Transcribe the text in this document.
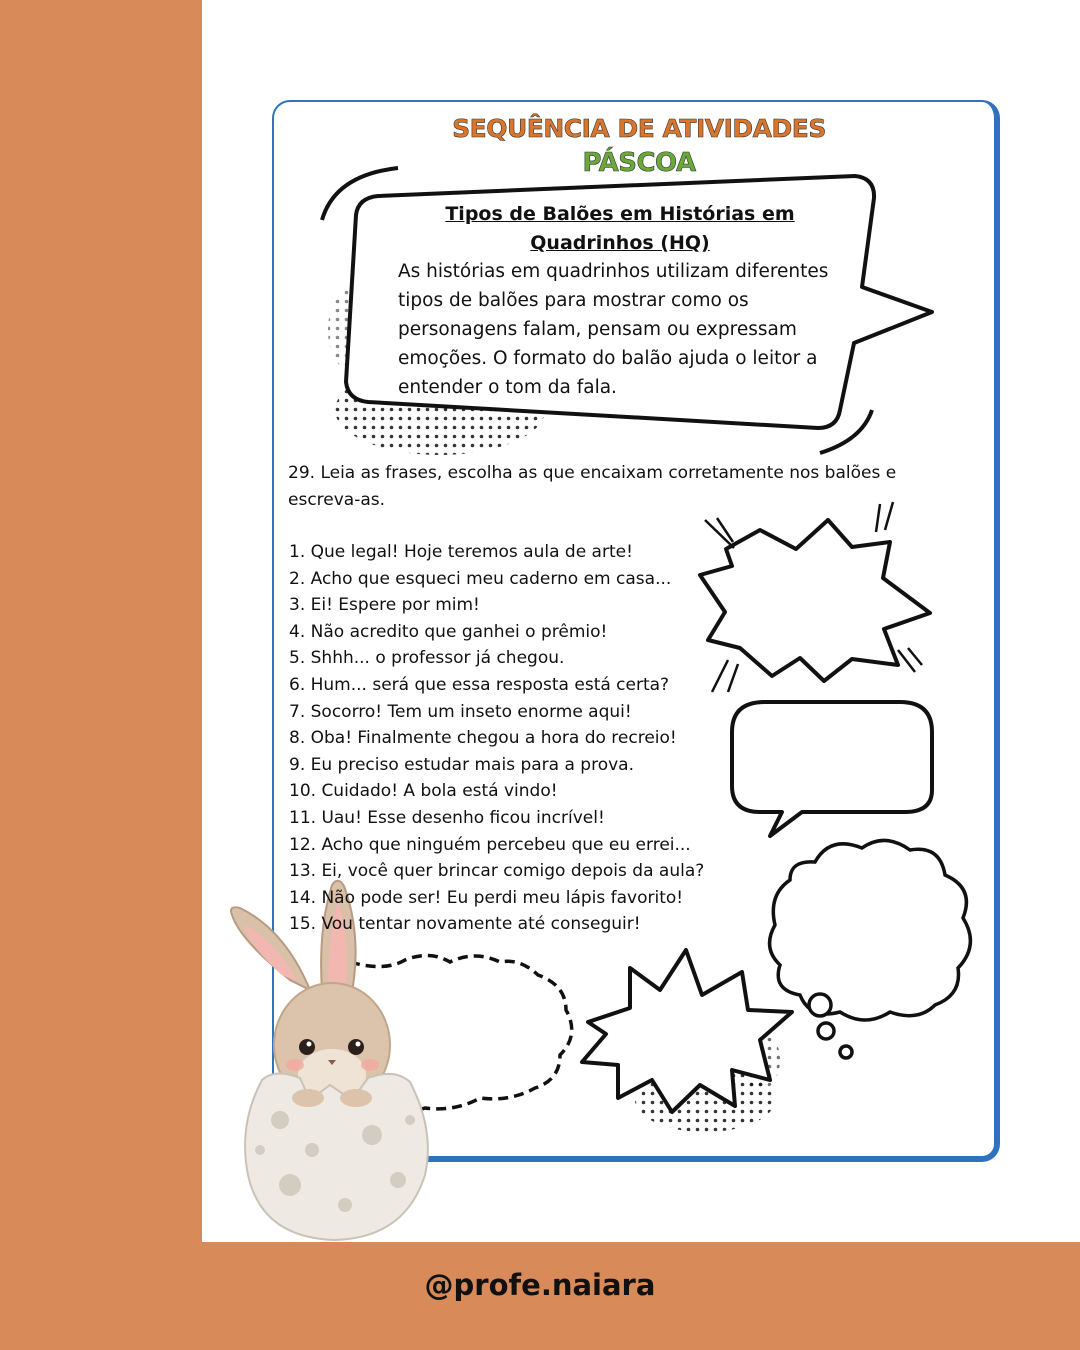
SEQUÊNCIA DE ATIVIDADES
PÁSCOA
Tipos de Balões em Histórias em Quadrinhos (HQ)
As histórias em quadrinhos utilizam diferentes tipos de balões para mostrar como os personagens falam, pensam ou expressam emoções. O formato do balão ajuda o leitor a entender o tom da fala.
29. Leia as frases, escolha as que encaixam corretamente nos balões e escreva-as.
1. Que legal! Hoje teremos aula de arte!
2. Acho que esqueci meu caderno em casa...
3. Ei! Espere por mim!
4. Não acredito que ganhei o prêmio!
5. Shhh... o professor já chegou.
6. Hum... será que essa resposta está certa?
7. Socorro! Tem um inseto enorme aqui!
8. Oba! Finalmente chegou a hora do recreio!
9. Eu preciso estudar mais para a prova.
10. Cuidado! A bola está vindo!
11. Uau! Esse desenho ficou incrível!
12. Acho que ninguém percebeu que eu errei...
13. Ei, você quer brincar comigo depois da aula?
14. Não pode ser! Eu perdi meu lápis favorito!
15. Vou tentar novamente até conseguir!
@profe.naiara
